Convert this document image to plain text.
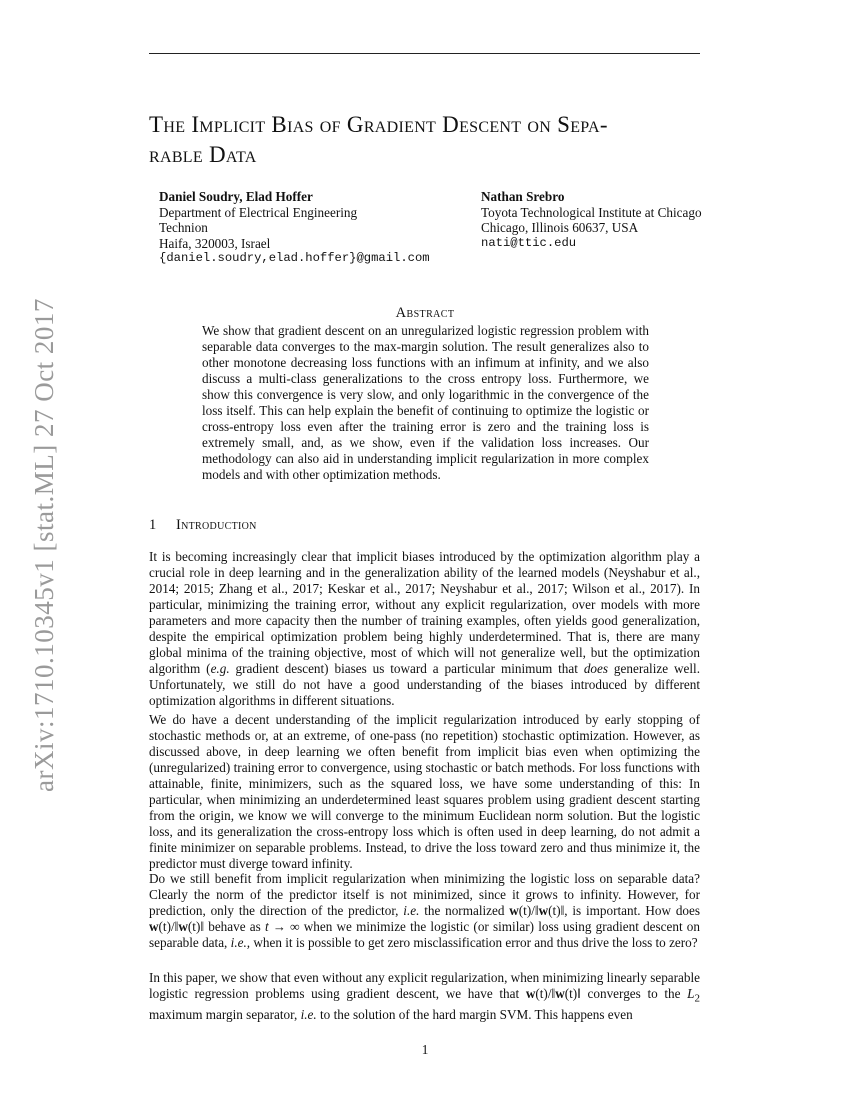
arXiv:1710.10345v1 [stat.ML] 27 Oct 2017
The Implicit Bias of Gradient Descent on Sepa-
rable Data
Daniel Soudry, Elad Hoffer
Department of Electrical Engineering
Technion
Haifa, 320003, Israel
{daniel.soudry,elad.hoffer}@gmail.com
Nathan Srebro
Toyota Technological Institute at Chicago
Chicago, Illinois 60637, USA
nati@ttic.edu
Abstract
We show that gradient descent on an unregularized logistic regression problem with separable data converges to the max-margin solution. The result generalizes also to other monotone decreasing loss functions with an infimum at infinity, and we also discuss a multi-class generalizations to the cross entropy loss. Furthermore, we show this convergence is very slow, and only logarithmic in the convergence of the loss itself. This can help explain the benefit of continuing to optimize the logistic or cross-entropy loss even after the training error is zero and the training loss is extremely small, and, as we show, even if the validation loss increases. Our methodology can also aid in understanding implicit regularization in more complex models and with other optimization methods.
1 Introduction

It is becoming increasingly clear that implicit biases introduced by the optimization algorithm play a crucial role in deep learning and in the generalization ability of the learned models (Neyshabur et al., 2014; 2015; Zhang et al., 2017; Keskar et al., 2017; Neyshabur et al., 2017; Wilson et al., 2017). In particular, minimizing the training error, without any explicit regularization, over models with more parameters and more capacity then the number of training examples, often yields good generalization, despite the empirical optimization problem being highly underdetermined. That is, there are many global minima of the training objective, most of which will not generalize well, but the optimization algorithm (e.g. gradient descent) biases us toward a particular minimum that does generalize well. Unfortunately, we still do not have a good understanding of the biases introduced by different optimization algorithms in different situations.

We do have a decent understanding of the implicit regularization introduced by early stopping of stochastic methods or, at an extreme, of one-pass (no repetition) stochastic optimization. However, as discussed above, in deep learning we often benefit from implicit bias even when optimizing the (unregularized) training error to convergence, using stochastic or batch methods. For loss functions with attainable, finite, minimizers, such as the squared loss, we have some understanding of this: In particular, when minimizing an underdetermined least squares problem using gradient descent starting from the origin, we know we will converge to the minimum Euclidean norm solution. But the logistic loss, and its generalization the cross-entropy loss which is often used in deep learning, do not admit a finite minimizer on separable problems. Instead, to drive the loss toward zero and thus minimize it, the predictor must diverge toward infinity.

Do we still benefit from implicit regularization when minimizing the logistic loss on separable data? Clearly the norm of the predictor itself is not minimized, since it grows to infinity. However, for prediction, only the direction of the predictor, i.e. the normalized w(t)/‖w(t)‖, is important. How does w(t)/‖w(t)‖ behave as t → ∞ when we minimize the logistic (or similar) loss using gradient descent on separable data, i.e., when it is possible to get zero misclassification error and thus drive the loss to zero?

In this paper, we show that even without any explicit regularization, when minimizing linearly separable logistic regression problems using gradient descent, we have that w(t)/‖w(t)‖ converges to the $L_2$ maximum margin separator, i.e. to the solution of the hard margin SVM. This happens even

1
